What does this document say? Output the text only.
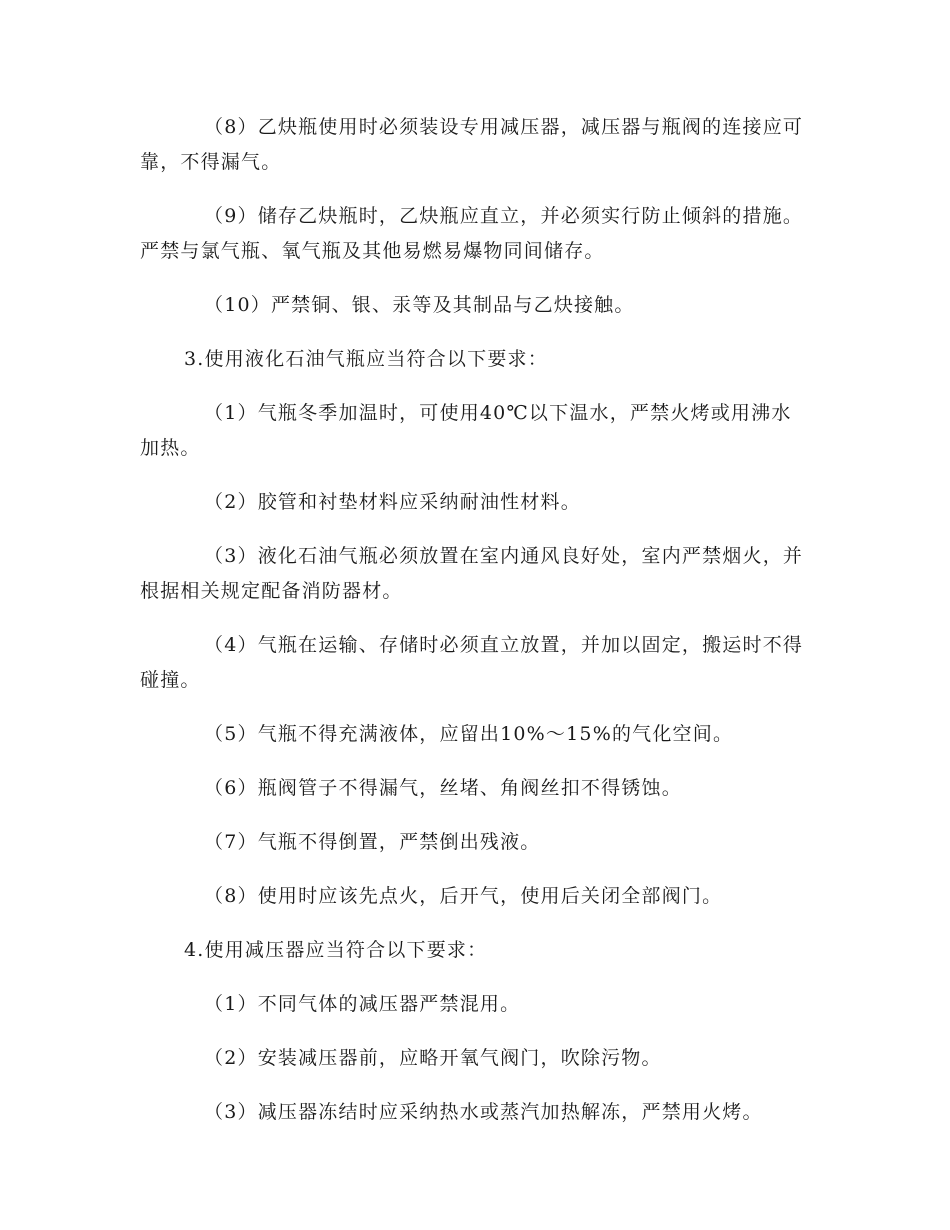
（8）乙炔瓶使用时必须装设专用减压器，减压器与瓶阀的连接应可靠，不得漏气。

（9）储存乙炔瓶时，乙炔瓶应直立，并必须实行防止倾斜的措施。严禁与氯气瓶、氧气瓶及其他易燃易爆物同间储存。

（10）严禁铜、银、汞等及其制品与乙炔接触。

3.使用液化石油气瓶应当符合以下要求：

（1）气瓶冬季加温时，可使用40℃以下温水，严禁火烤或用沸水加热。

（2）胶管和衬垫材料应采纳耐油性材料。

（3）液化石油气瓶必须放置在室内通风良好处，室内严禁烟火，并根据相关规定配备消防器材。

（4）气瓶在运输、存储时必须直立放置，并加以固定，搬运时不得碰撞。

（5）气瓶不得充满液体，应留出10%～15%的气化空间。

（6）瓶阀管子不得漏气，丝堵、角阀丝扣不得锈蚀。

（7）气瓶不得倒置，严禁倒出残液。

（8）使用时应该先点火，后开气，使用后关闭全部阀门。

4.使用减压器应当符合以下要求：

（1）不同气体的减压器严禁混用。

（2）安装减压器前，应略开氧气阀门，吹除污物。

（3）减压器冻结时应采纳热水或蒸汽加热解冻，严禁用火烤。
